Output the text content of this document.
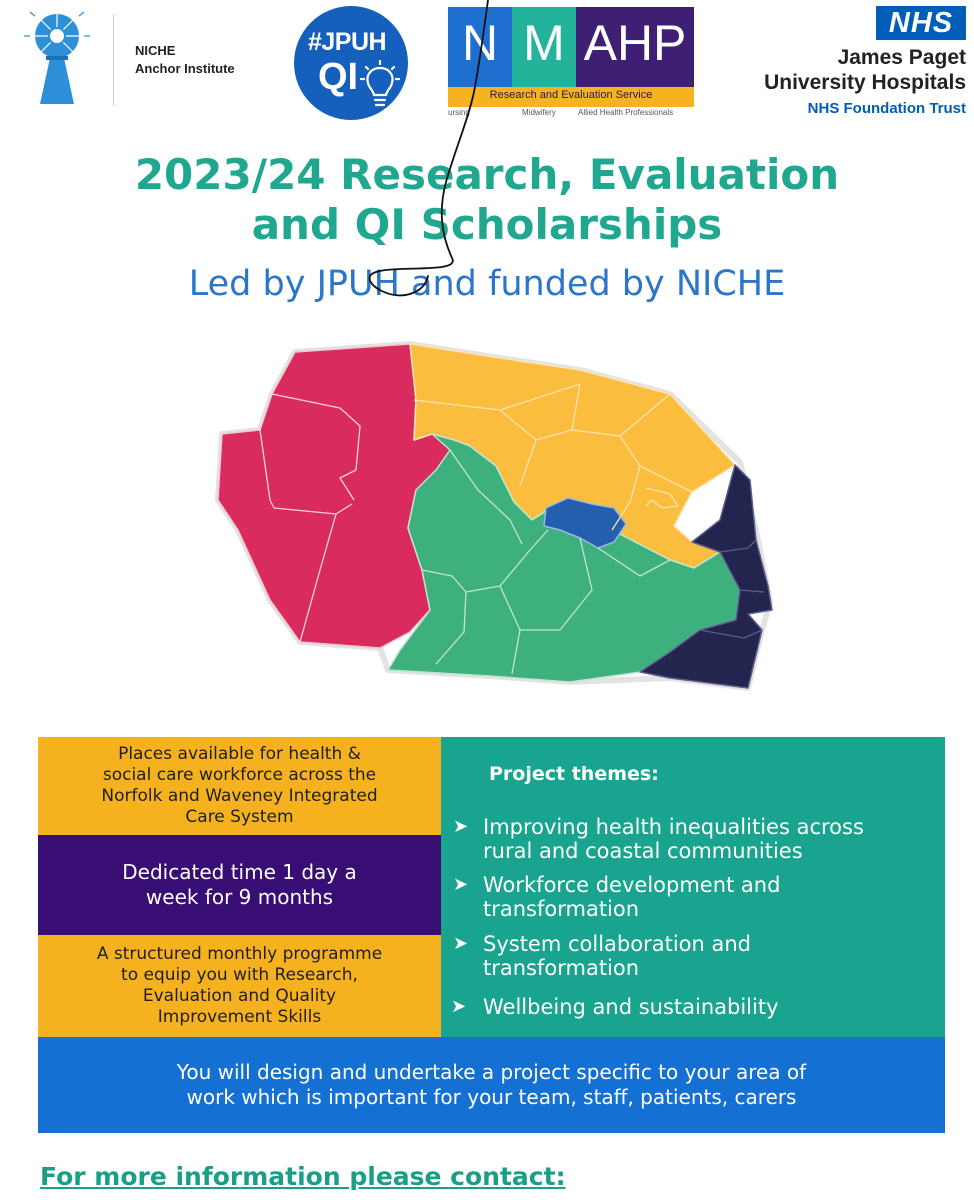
NICHE
Anchor Institute
#JPUH
QI
N M AHP
Research and Evaluation Service
ursing	Midwifery	Allied Health Professionals
NHS
James Paget
University Hospitals
NHS Foundation Trust
2023/24 Research, Evaluation
and QI Scholarships
Led by JPUH and funded by NICHE
Places available for health &
social care workforce across the
Norfolk and Waveney Integrated
Care System
Dedicated time 1 day a
week for 9 months
A structured monthly programme
to equip you with Research,
Evaluation and Quality
Improvement Skills
Project themes:
➤ Improving health inequalities across
rural and coastal communities
➤ Workforce development and
transformation
➤ System collaboration and
transformation
➤ Wellbeing and sustainability
You will design and undertake a project specific to your area of
work which is important for your team, staff, patients, carers
For more information please contact:
